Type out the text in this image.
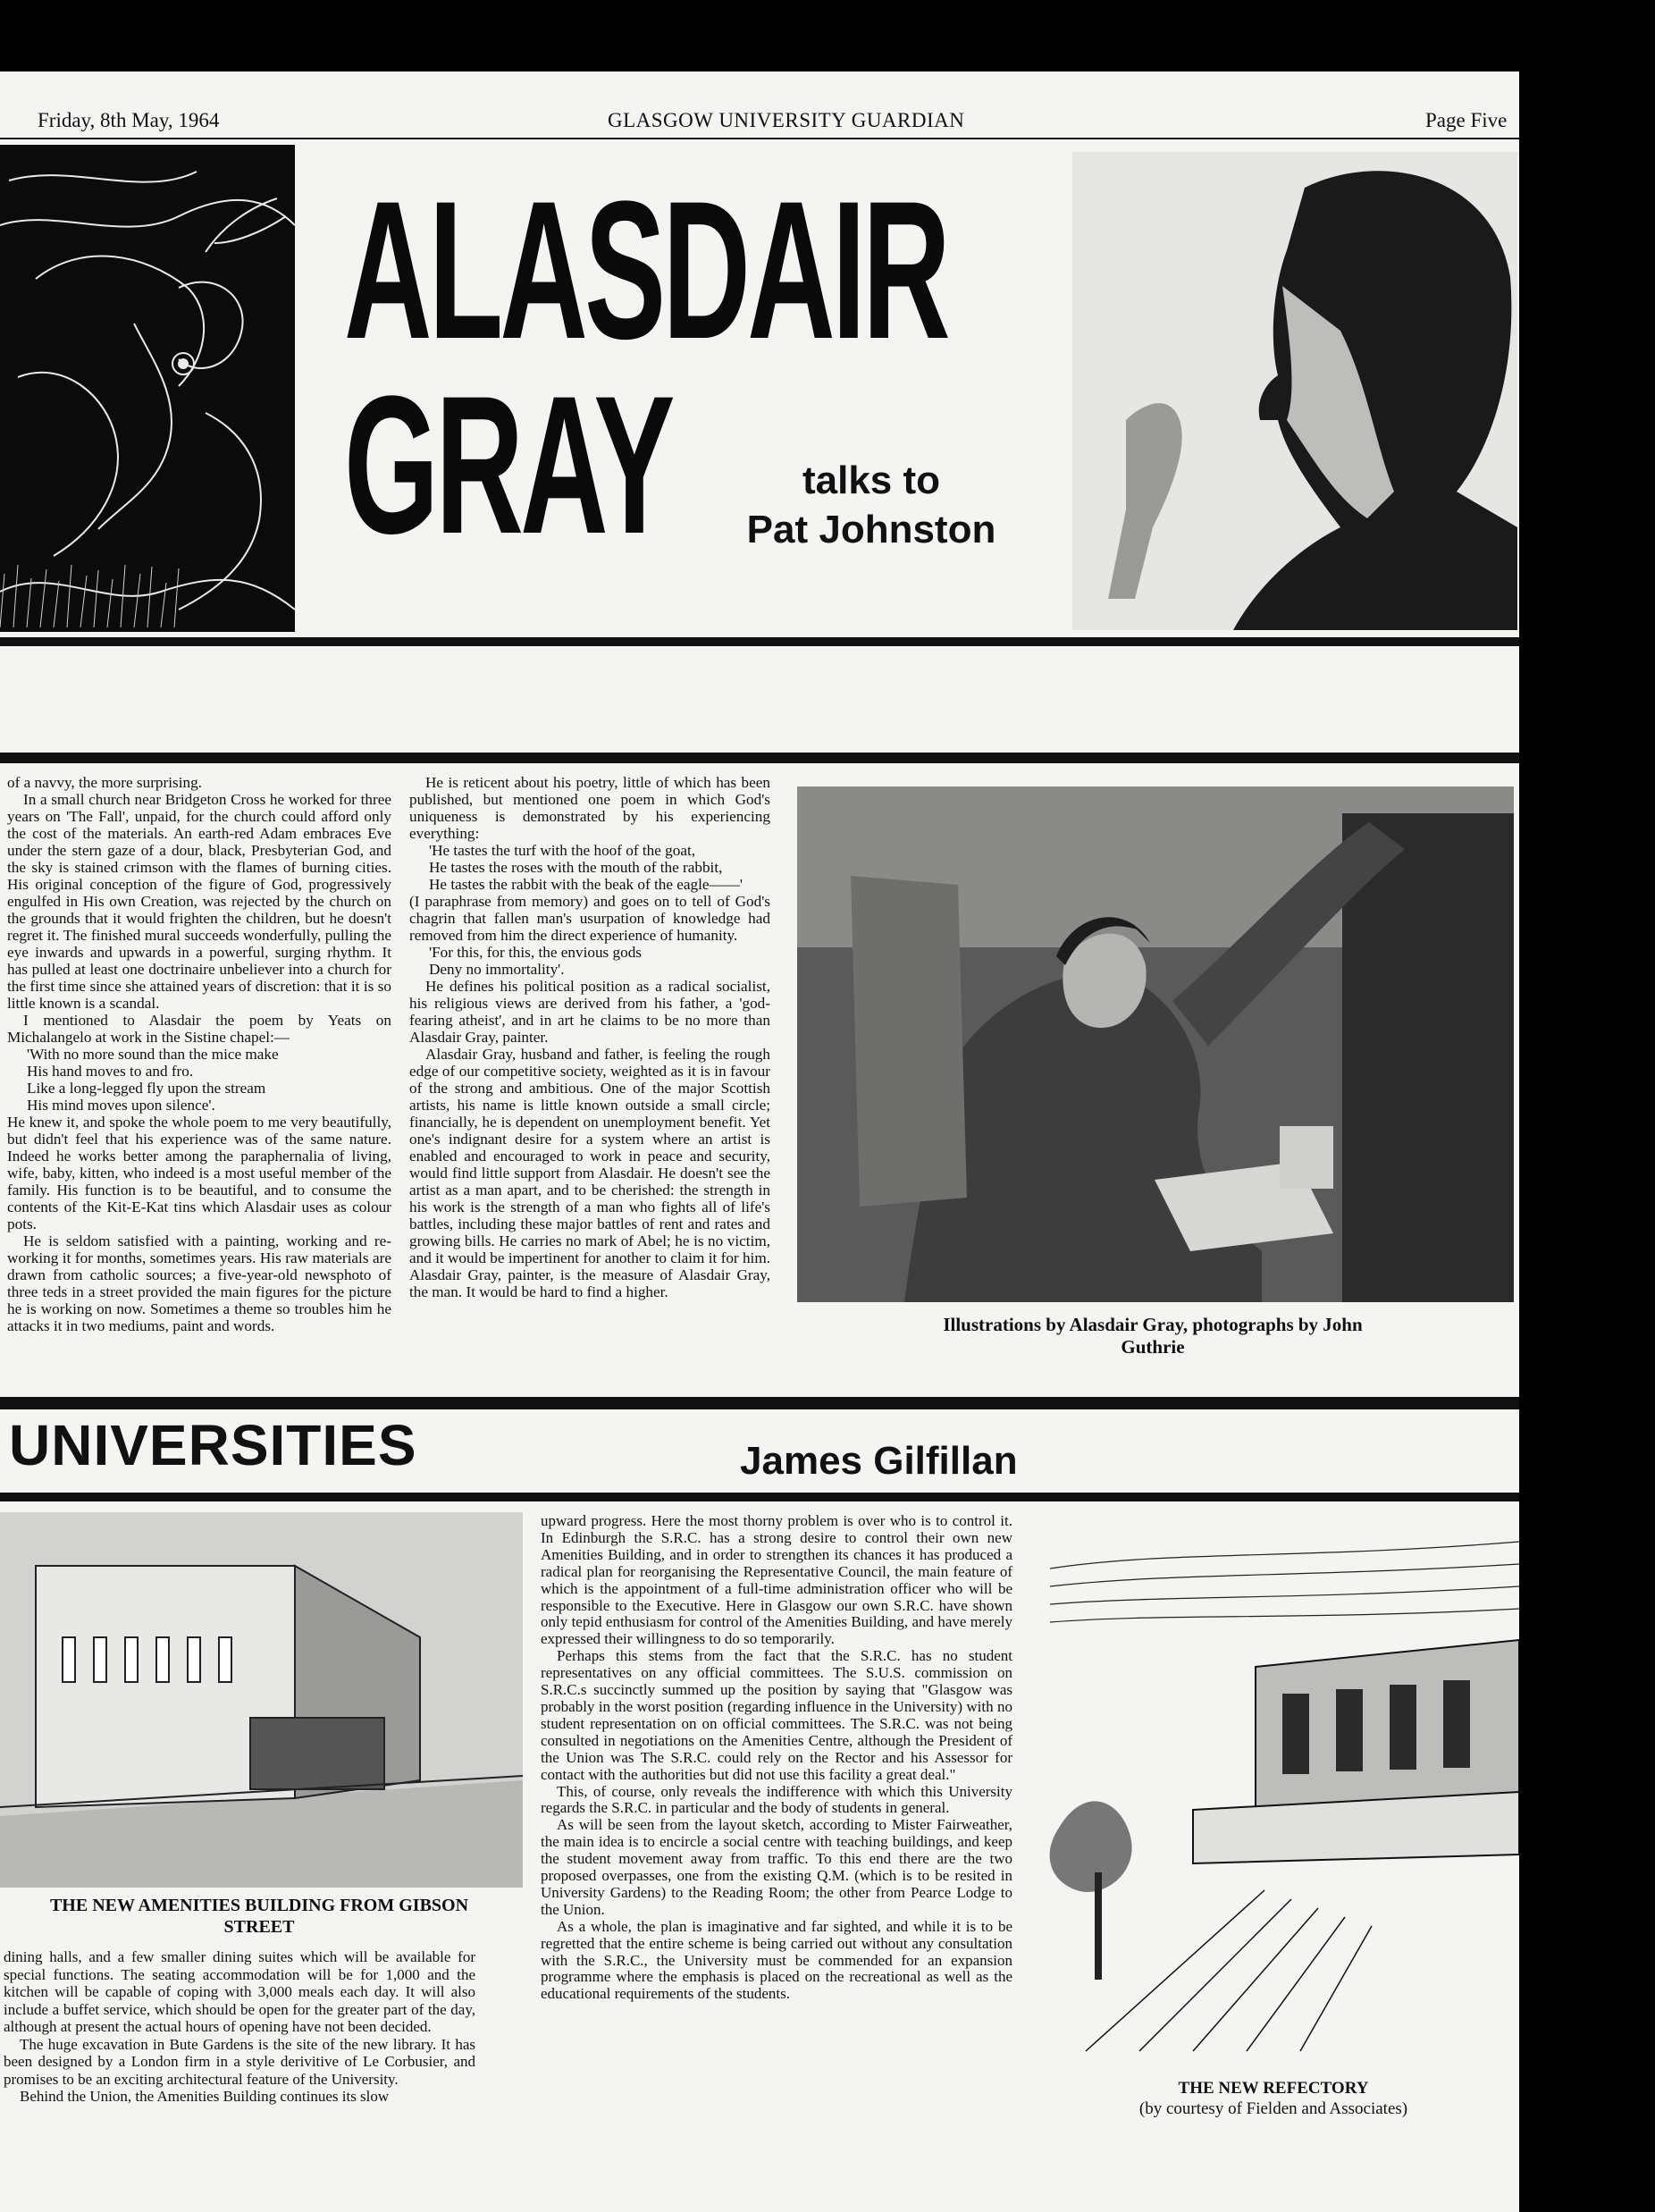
Friday, 8th May, 1964	GLASGOW UNIVERSITY GUARDIAN	Page Five
ALASDAIR
GRAY	talks to
Pat Johnston

of a navvy, the more surprising.

In a small church near Bridgeton Cross he worked for three years on 'The Fall', unpaid, for the church could afford only the cost of the materials. An earth-red Adam embraces Eve under the stern gaze of a dour, black, Presbyterian God, and the sky is stained crimson with the flames of burning cities. His original conception of the figure of God, progressively engulfed in His own Creation, was rejected by the church on the grounds that it would frighten the children, but he doesn't regret it. The finished mural succeeds wonderfully, pulling the eye inwards and upwards in a powerful, surging rhythm. It has pulled at least one doctrinaire unbeliever into a church for the first time since she attained years of discretion: that it is so little known is a scandal.

I mentioned to Alasdair the poem by Yeats on Michalangelo at work in the Sistine chapel:—

'With no more sound than the mice make

His hand moves to and fro.

Like a long-legged fly upon the stream

His mind moves upon silence'.

He knew it, and spoke the whole poem to me very beautifully, but didn't feel that his experience was of the same nature. Indeed he works better among the paraphernalia of living, wife, baby, kitten, who indeed is a most useful member of the family. His function is to be beautiful, and to consume the contents of the Kit-E-Kat tins which Alasdair uses as colour pots.

He is seldom satisfied with a painting, working and re-working it for months, sometimes years. His raw materials are drawn from catholic sources; a five-year-old newsphoto of three teds in a street provided the main figures for the picture he is working on now. Sometimes a theme so troubles him he attacks it in two mediums, paint and words.

He is reticent about his poetry, little of which has been published, but mentioned one poem in which God's uniqueness is demonstrated by his experiencing everything:

'He tastes the turf with the hoof of the goat,

He tastes the roses with the mouth of the rabbit,

He tastes the rabbit with the beak of the eagle——'

(I paraphrase from memory) and goes on to tell of God's chagrin that fallen man's usurpation of knowledge had removed from him the direct experience of humanity.

'For this, for this, the envious gods

Deny no immortality'.

He defines his political position as a radical socialist, his religious views are derived from his father, a 'god-fearing atheist', and in art he claims to be no more than Alasdair Gray, painter.

Alasdair Gray, husband and father, is feeling the rough edge of our competitive society, weighted as it is in favour of the strong and ambitious. One of the major Scottish artists, his name is little known outside a small circle; financially, he is dependent on unemployment benefit. Yet one's indignant desire for a system where an artist is enabled and encouraged to work in peace and security, would find little support from Alasdair. He doesn't see the artist as a man apart, and to be cherished: the strength in his work is the strength of a man who fights all of life's battles, including these major battles of rent and rates and growing bills. He carries no mark of Abel; he is no victim, and it would be impertinent for another to claim it for him. Alasdair Gray, painter, is the measure of Alasdair Gray, the man. It would be hard to find a higher.

Illustrations by Alasdair Gray, photographs by John Guthrie
UNIVERSITIES	James Gilfillan
THE NEW AMENITIES BUILDING FROM GIBSON STREET

dining halls, and a few smaller dining suites which will be available for special functions. The seating accommodation will be for 1,000 and the kitchen will be capable of coping with 3,000 meals each day. It will also include a buffet service, which should be open for the greater part of the day, although at present the actual hours of opening have not been decided.

The huge excavation in Bute Gardens is the site of the new library. It has been designed by a London firm in a style derivitive of Le Corbusier, and promises to be an exciting architectural feature of the University.

Behind the Union, the Amenities Building continues its slow

upward progress. Here the most thorny problem is over who is to control it. In Edinburgh the S.R.C. has a strong desire to control their own new Amenities Building, and in order to strengthen its chances it has produced a radical plan for reorganising the Representative Council, the main feature of which is the appointment of a full-time administration officer who will be responsible to the Executive. Here in Glasgow our own S.R.C. have shown only tepid enthusiasm for control of the Amenities Building, and have merely expressed their willingness to do so temporarily.

Perhaps this stems from the fact that the S.R.C. has no student representatives on any official committees. The S.U.S. commission on S.R.C.s succinctly summed up the position by saying that "Glasgow was probably in the worst position (regarding influence in the University) with no student representation on on official committees. The S.R.C. was not being consulted in negotiations on the Amenities Centre, although the President of the Union was The S.R.C. could rely on the Rector and his Assessor for contact with the authorities but did not use this facility a great deal."

This, of course, only reveals the indifference with which this University regards the S.R.C. in particular and the body of students in general.

As will be seen from the layout sketch, according to Mister Fairweather, the main idea is to encircle a social centre with teaching buildings, and keep the student movement away from traffic. To this end there are the two proposed overpasses, one from the existing Q.M. (which is to be resited in University Gardens) to the Reading Room; the other from Pearce Lodge to the Union.

As a whole, the plan is imaginative and far sighted, and while it is to be regretted that the entire scheme is being carried out without any consultation with the S.R.C., the University must be commended for an expansion programme where the emphasis is placed on the recreational as well as the educational requirements of the students.

THE NEW REFECTORY
(by courtesy of Fielden and Associates)
